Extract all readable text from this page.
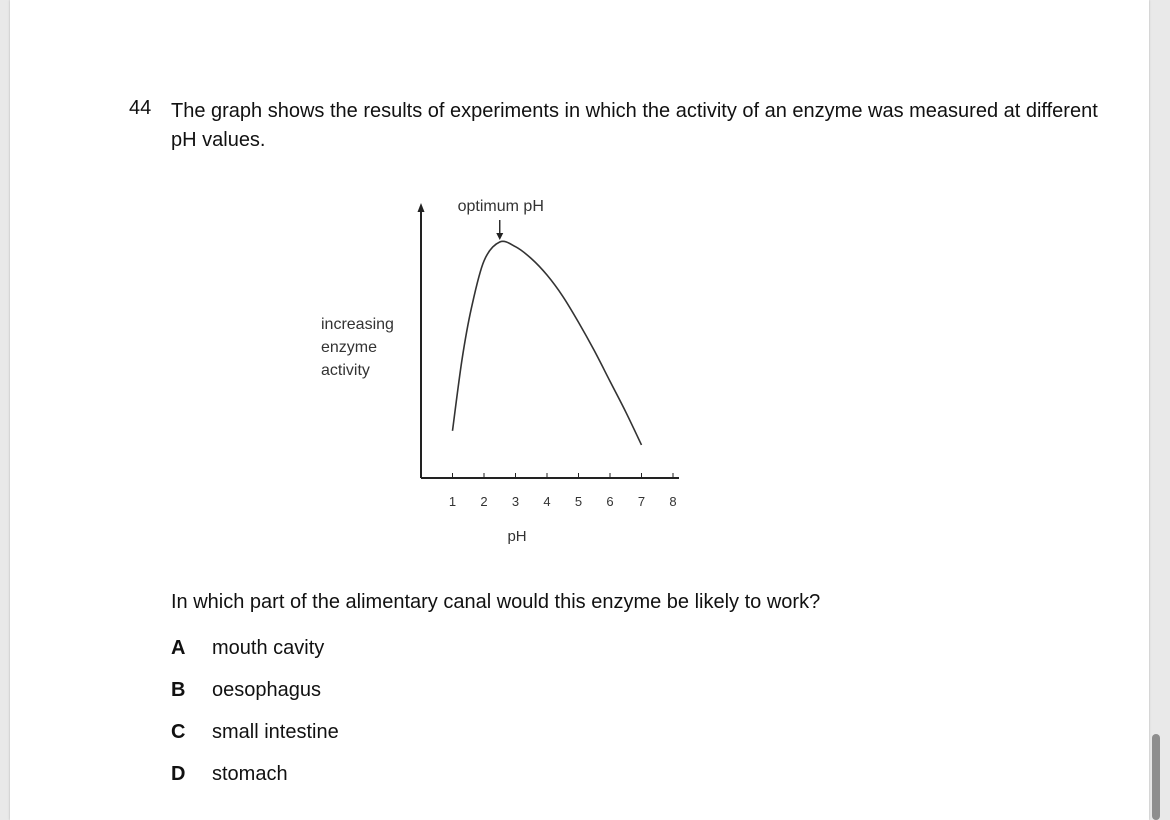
44 The graph shows the results of experiments in which the activity of an enzyme was measured at different pH values.
1 2 3 4 5 6 7 8
pH
increasing enzyme activity
optimum pH
In which part of the alimentary canal would this enzyme be likely to work?
A	mouth cavity
B	oesophagus
C	small intestine
D	stomach
